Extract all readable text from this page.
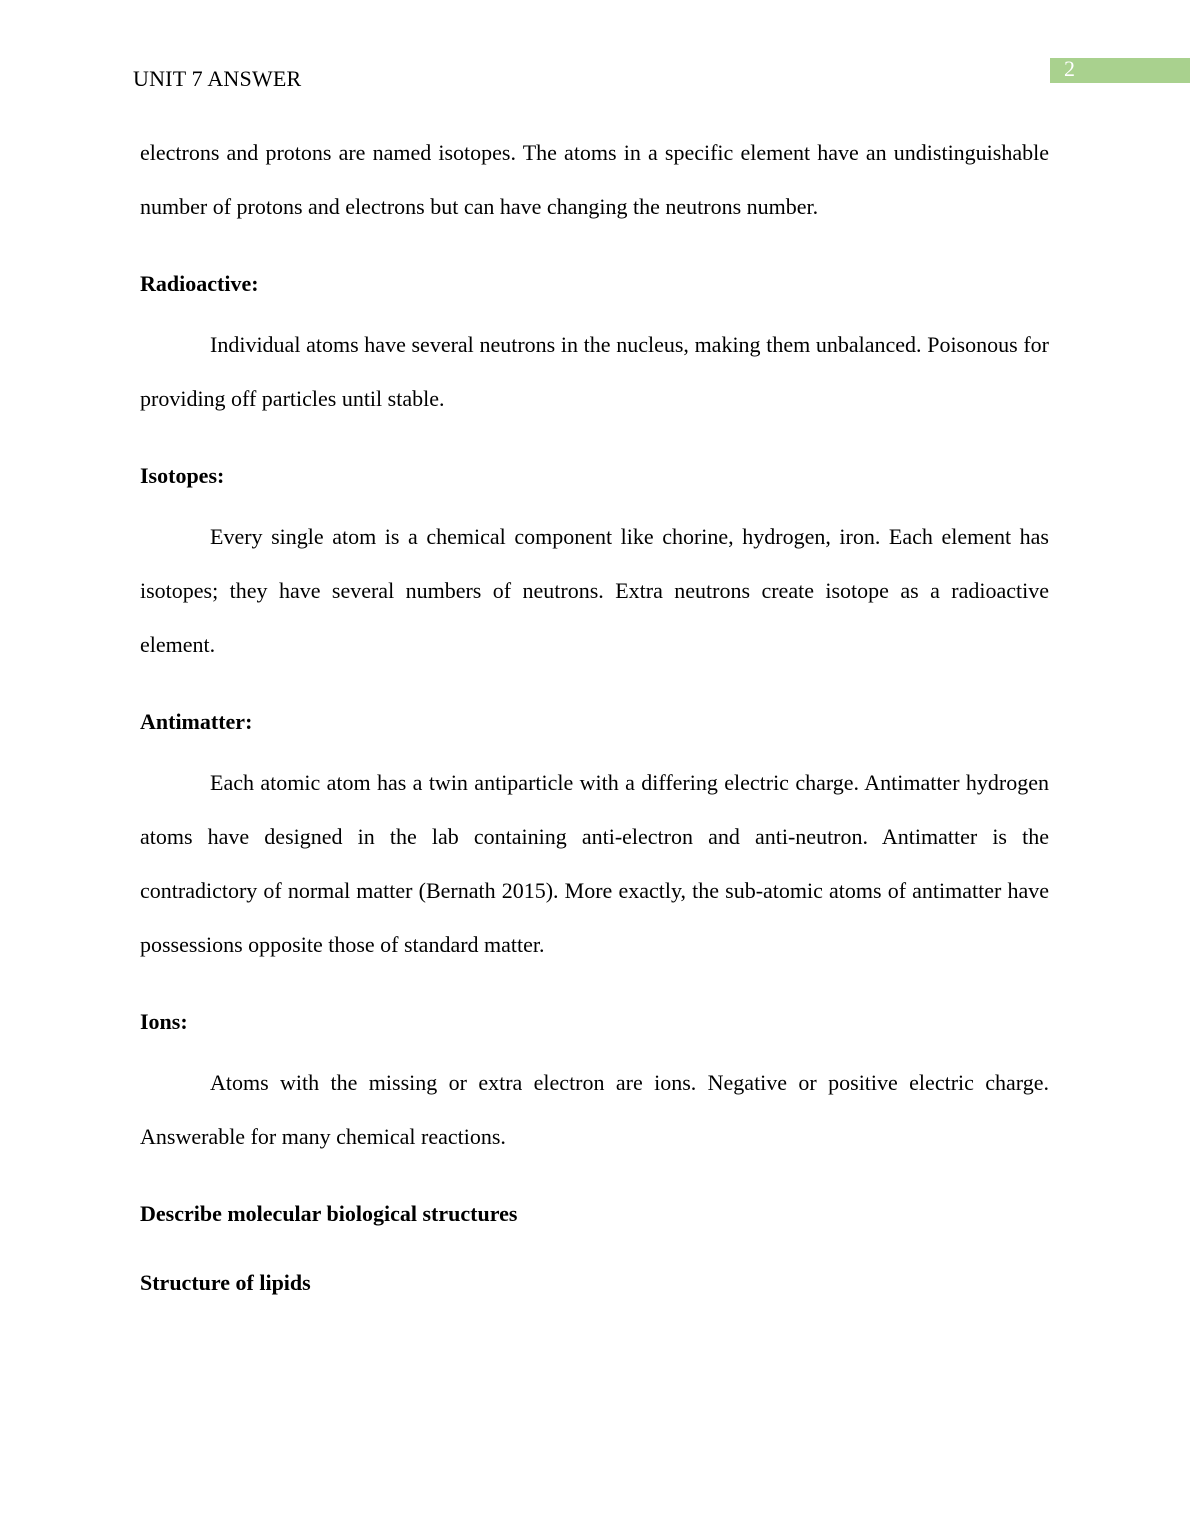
UNIT 7 ANSWER	2

electrons and protons are named isotopes. The atoms in a specific element have an undistinguishable number of protons and electrons but can have changing the neutrons number.

Radioactive:

Individual atoms have several neutrons in the nucleus, making them unbalanced. Poisonous for providing off particles until stable.

Isotopes:

Every single atom is a chemical component like chorine, hydrogen, iron. Each element has isotopes; they have several numbers of neutrons. Extra neutrons create isotope as a radioactive element.

Antimatter:

Each atomic atom has a twin antiparticle with a differing electric charge. Antimatter hydrogen atoms have designed in the lab containing anti-electron and anti-neutron. Antimatter is the contradictory of normal matter (Bernath 2015). More exactly, the sub-atomic atoms of antimatter have possessions opposite those of standard matter.

Ions:

Atoms with the missing or extra electron are ions. Negative or positive electric charge. Answerable for many chemical reactions.

Describe molecular biological structures

Structure of lipids
